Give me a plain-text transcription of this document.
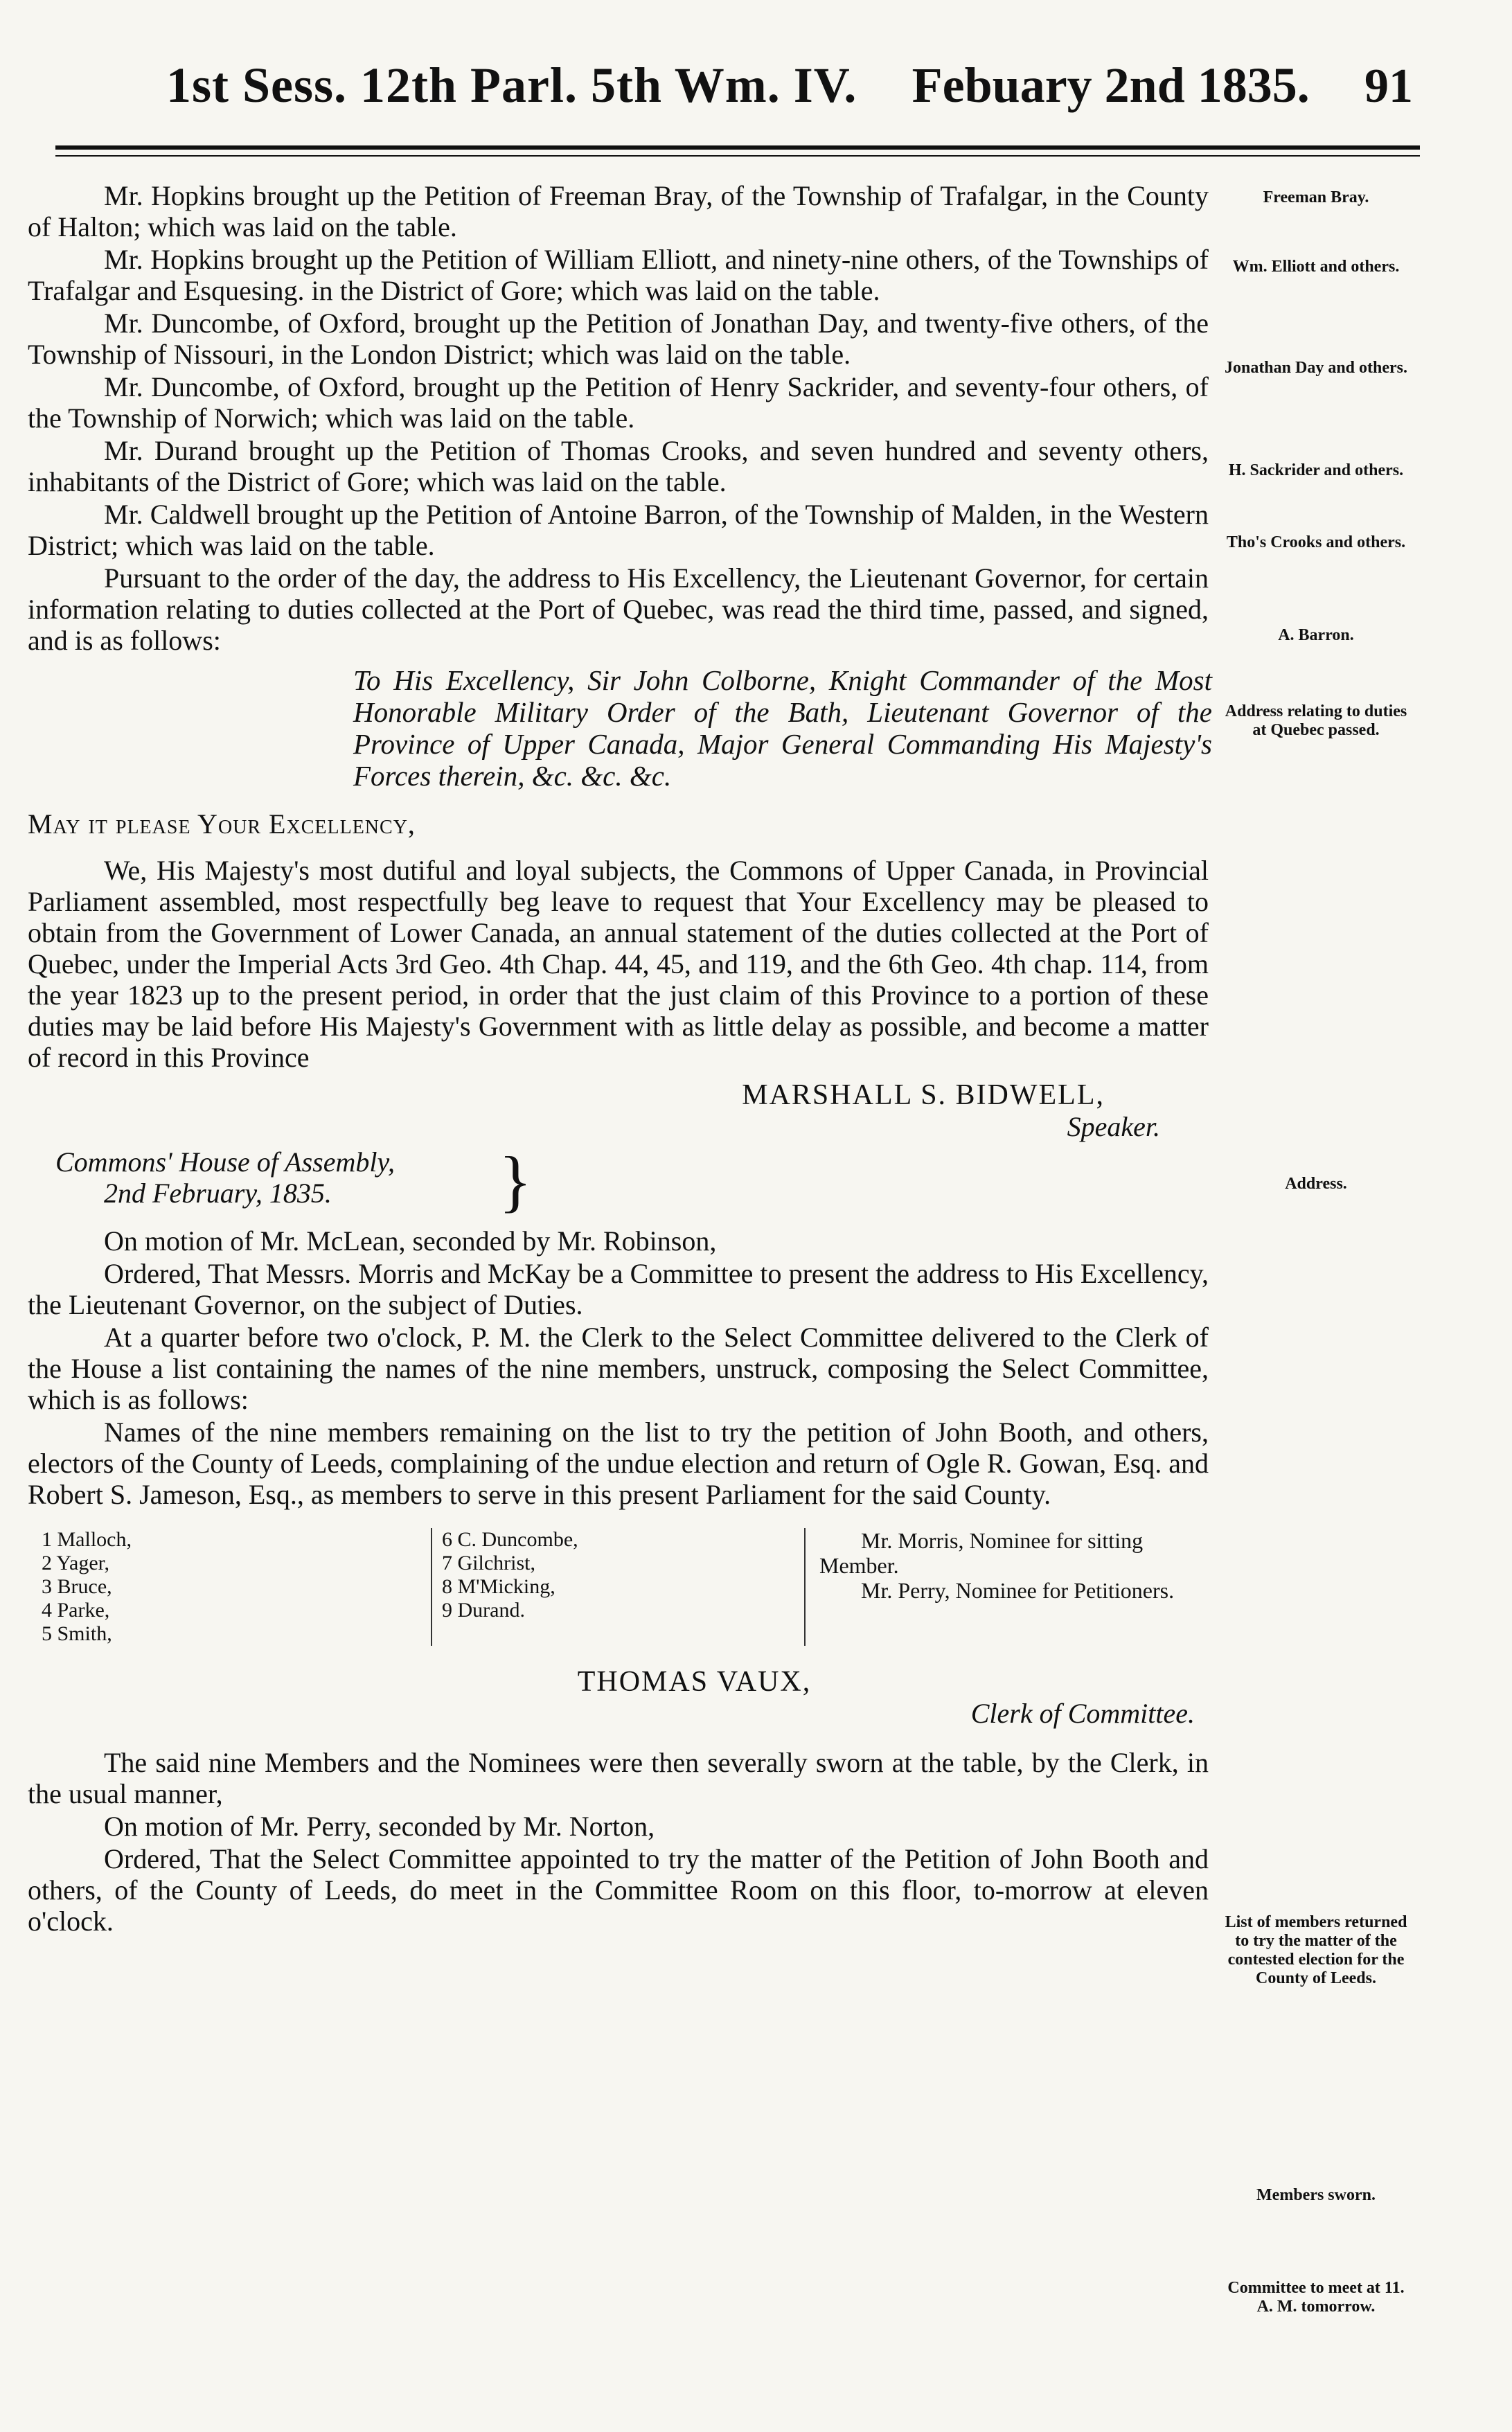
1st Sess. 12th Parl. 5th Wm. IV. Febuary 2nd 1835. 91

Mr. Hopkins brought up the Petition of Freeman Bray, of the Township of Trafalgar, in the County of Halton; which was laid on the table.

Mr. Hopkins brought up the Petition of William Elliott, and ninety-nine others, of the Townships of Trafalgar and Esquesing. in the District of Gore; which was laid on the table.

Mr. Duncombe, of Oxford, brought up the Petition of Jonathan Day, and twenty-five others, of the Township of Nissouri, in the London District; which was laid on the table.

Mr. Duncombe, of Oxford, brought up the Petition of Henry Sackrider, and seventy-four others, of the Township of Norwich; which was laid on the table.

Mr. Durand brought up the Petition of Thomas Crooks, and seven hundred and seventy others, inhabitants of the District of Gore; which was laid on the table.

Mr. Caldwell brought up the Petition of Antoine Barron, of the Township of Malden, in the Western District; which was laid on the table.

Pursuant to the order of the day, the address to His Excellency, the Lieutenant Governor, for certain information relating to duties collected at the Port of Quebec, was read the third time, passed, and signed, and is as follows:

To His Excellency, Sir John Colborne, Knight Commander of the Most Honorable Military Order of the Bath, Lieutenant Governor of the Province of Upper Canada, Major General Commanding His Majesty's Forces therein, &c. &c. &c.
May it please Your Excellency,

We, His Majesty's most dutiful and loyal subjects, the Commons of Upper Canada, in Provincial Parliament assembled, most respectfully beg leave to request that Your Excellency may be pleased to obtain from the Government of Lower Canada, an annual statement of the duties collected at the Port of Quebec, under the Imperial Acts 3rd Geo. 4th Chap. 44, 45, and 119, and the 6th Geo. 4th chap. 114, from the year 1823 up to the present period, in order that the just claim of this Province to a portion of these duties may be laid before His Majesty's Government with as little delay as possible, and become a matter of record in this Province

MARSHALL S. BIDWELL,
Speaker.
Commons' House of Assembly,
2nd February, 1835.	}

On motion of Mr. McLean, seconded by Mr. Robinson,

Ordered, That Messrs. Morris and McKay be a Committee to present the address to His Excellency, the Lieutenant Governor, on the subject of Duties.

At a quarter before two o'clock, P. M. the Clerk to the Select Committee delivered to the Clerk of the House a list containing the names of the nine members, unstruck, composing the Select Committee, which is as follows:

Names of the nine members remaining on the list to try the petition of John Booth, and others, electors of the County of Leeds, complaining of the undue election and return of Ogle R. Gowan, Esq. and Robert S. Jameson, Esq., as members to serve in this present Parliament for the said County.

1 Malloch,
2 Yager,
3 Bruce,
4 Parke,
5 Smith,
6 C. Duncombe,
7 Gilchrist,
8 M'Micking,
9 Durand.
Mr. Morris, Nominee for sitting Member.
Mr. Perry, Nominee for Petitioners.
THOMAS VAUX,
Clerk of Committee.

The said nine Members and the Nominees were then severally sworn at the table, by the Clerk, in the usual manner,

On motion of Mr. Perry, seconded by Mr. Norton,

Ordered, That the Select Committee appointed to try the matter of the Petition of John Booth and others, of the County of Leeds, do meet in the Committee Room on this floor, to-morrow at eleven o'clock.

Freeman Bray.
Wm. Elliott and others.
Jonathan Day and others.
H. Sackrider and others.
Tho's Crooks and others.
A. Barron.
Address relating to duties at Quebec passed.
Address.
List of members returned to try the matter of the contested election for the County of Leeds.
Members sworn.
Committee to meet at 11. A. M. tomorrow.
